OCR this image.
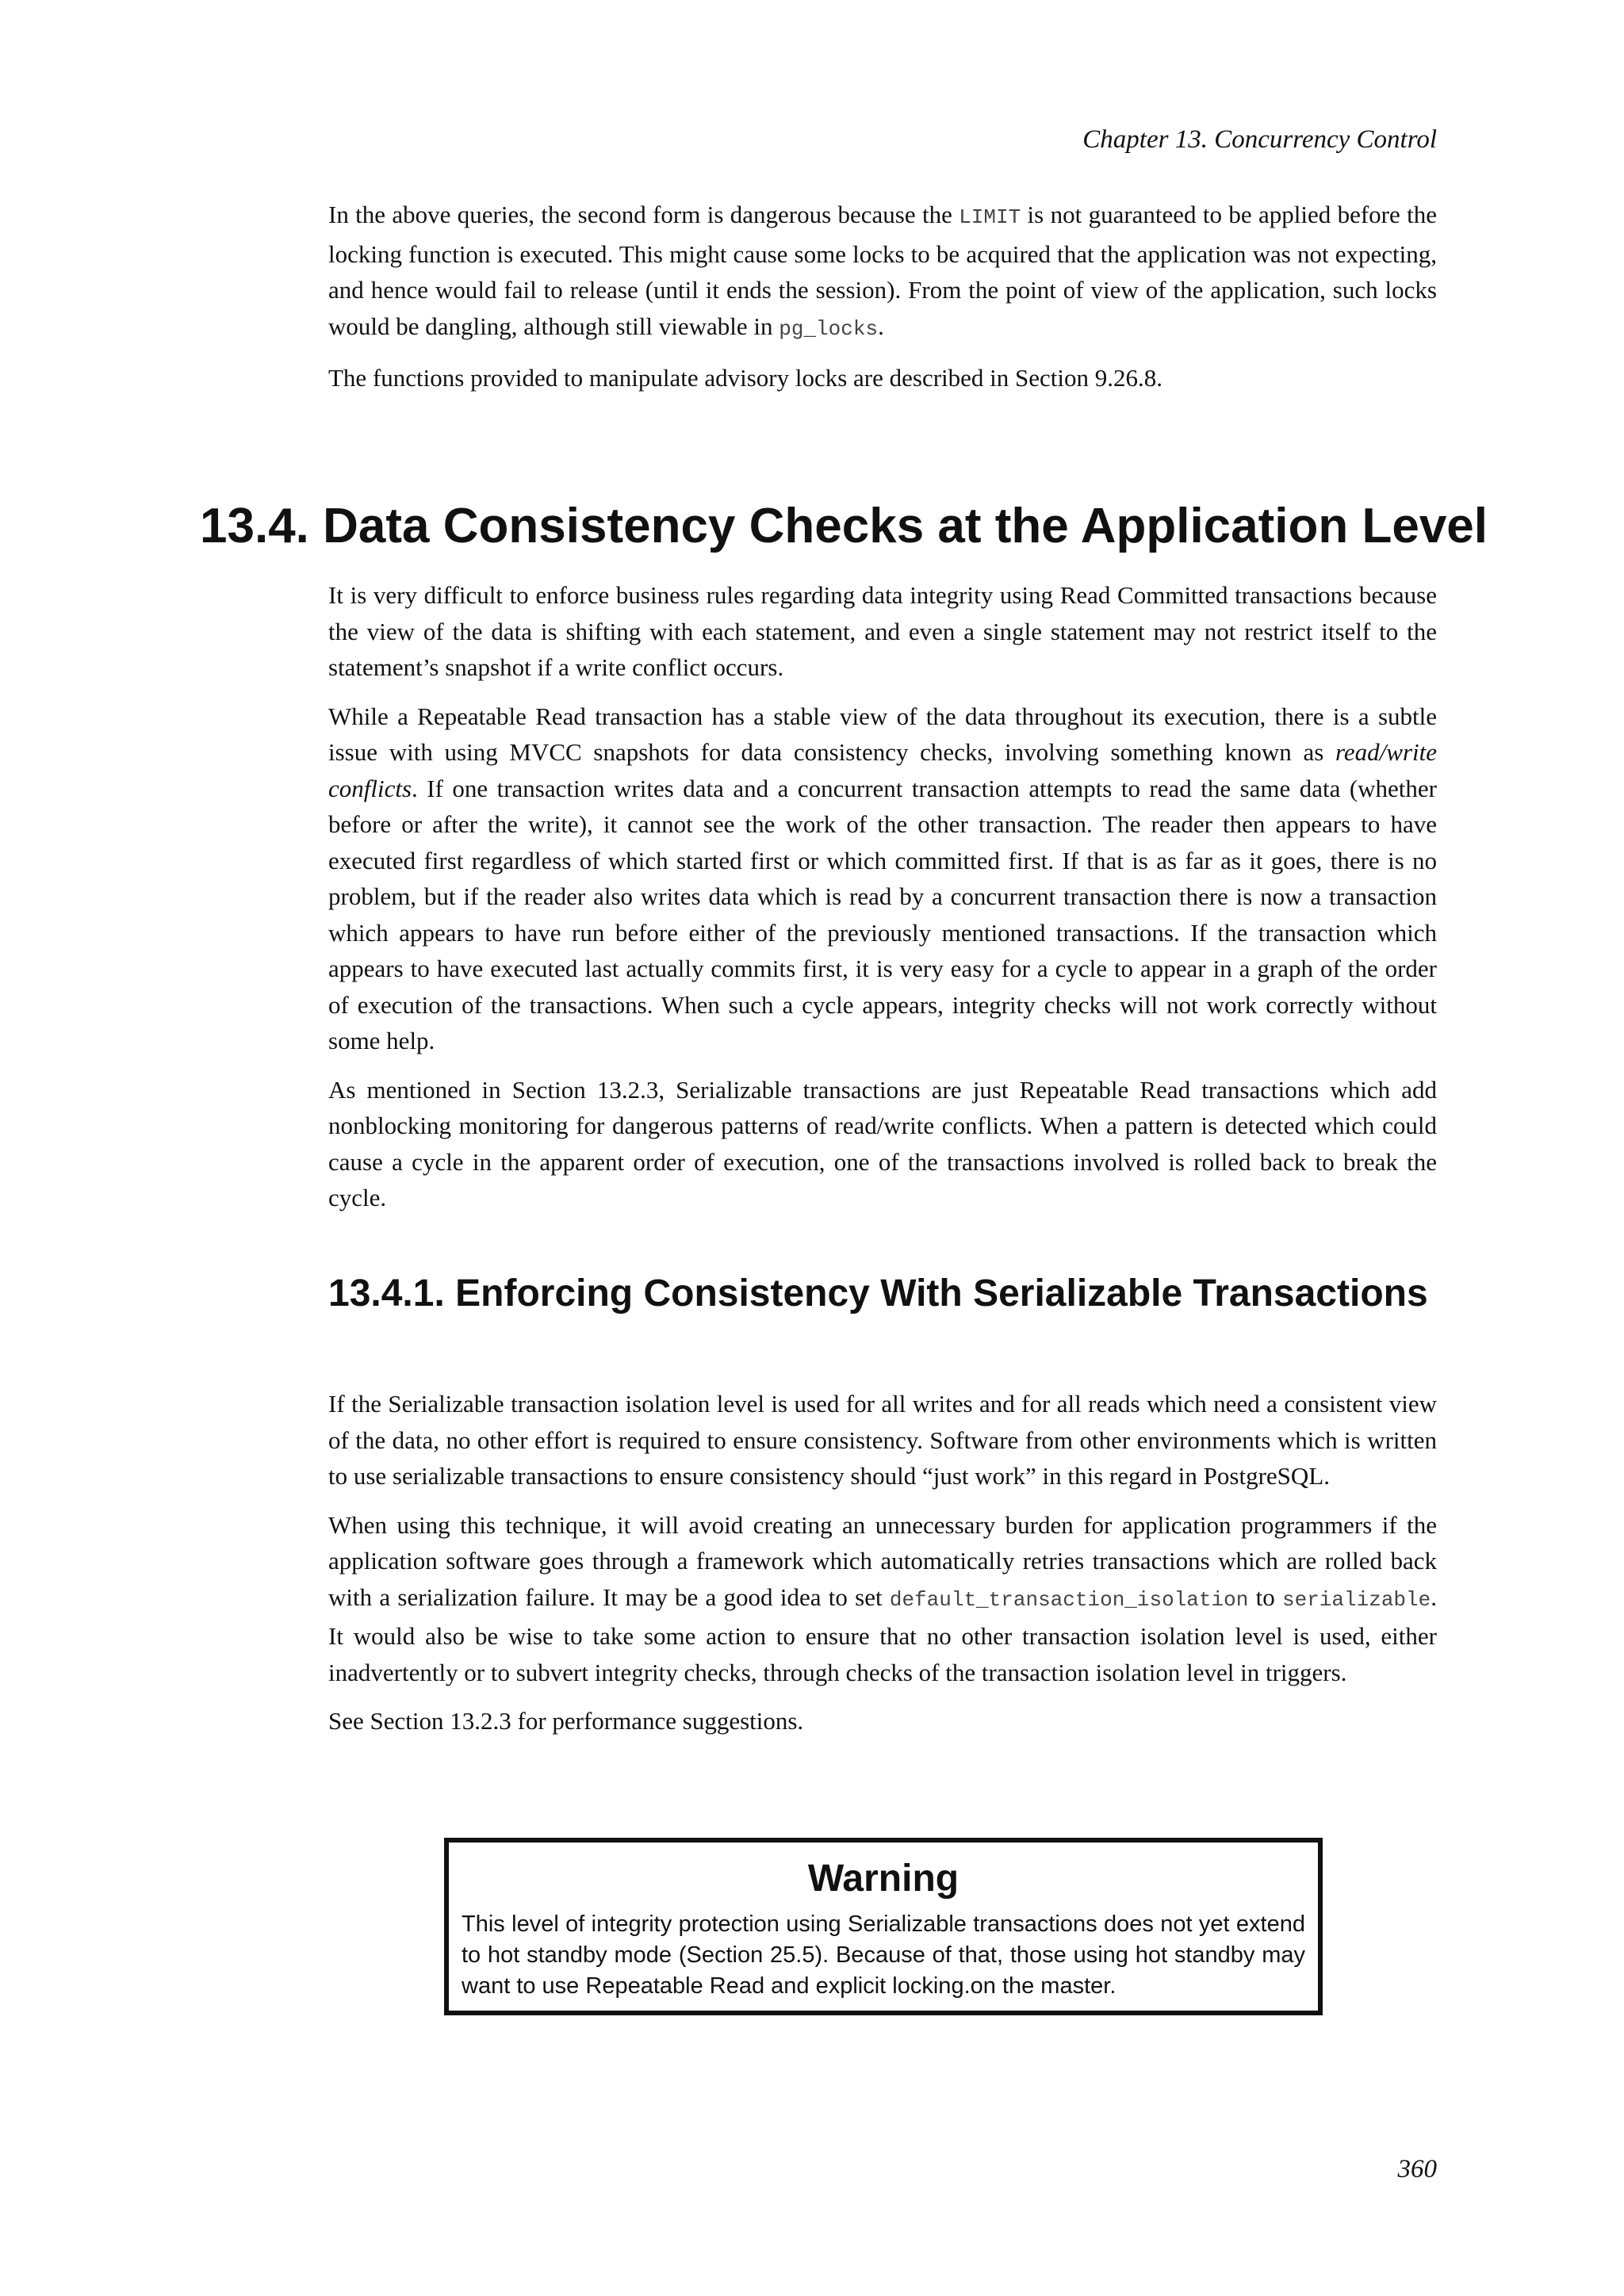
Chapter 13. Concurrency Control

In the above queries, the second form is dangerous because the LIMIT is not guaranteed to be applied before the locking function is executed. This might cause some locks to be acquired that the application was not expecting, and hence would fail to release (until it ends the session). From the point of view of the application, such locks would be dangling, although still viewable in pg_locks.

The functions provided to manipulate advisory locks are described in Section 9.26.8.

13.4. Data Consistency Checks at the Application Level

It is very difficult to enforce business rules regarding data integrity using Read Committed transactions because the view of the data is shifting with each statement, and even a single statement may not restrict itself to the statement’s snapshot if a write conflict occurs.

While a Repeatable Read transaction has a stable view of the data throughout its execution, there is a subtle issue with using MVCC snapshots for data consistency checks, involving something known as read/write conflicts. If one transaction writes data and a concurrent transaction attempts to read the same data (whether before or after the write), it cannot see the work of the other transaction. The reader then appears to have executed first regardless of which started first or which committed first. If that is as far as it goes, there is no problem, but if the reader also writes data which is read by a concurrent transaction there is now a transaction which appears to have run before either of the previously mentioned transactions. If the transaction which appears to have executed last actually commits first, it is very easy for a cycle to appear in a graph of the order of execution of the transactions. When such a cycle appears, integrity checks will not work correctly without some help.

As mentioned in Section 13.2.3, Serializable transactions are just Repeatable Read transactions which add nonblocking monitoring for dangerous patterns of read/write conflicts. When a pattern is detected which could cause a cycle in the apparent order of execution, one of the transactions involved is rolled back to break the cycle.

13.4.1. Enforcing Consistency With Serializable Transactions

If the Serializable transaction isolation level is used for all writes and for all reads which need a consistent view of the data, no other effort is required to ensure consistency. Software from other environments which is written to use serializable transactions to ensure consistency should “just work” in this regard in PostgreSQL.

When using this technique, it will avoid creating an unnecessary burden for application programmers if the application software goes through a framework which automatically retries transactions which are rolled back with a serialization failure. It may be a good idea to set default_transaction_isolation to serializable. It would also be wise to take some action to ensure that no other transaction isolation level is used, either inadvertently or to subvert integrity checks, through checks of the transaction isolation level in triggers.

See Section 13.2.3 for performance suggestions.

Warning

This level of integrity protection using Serializable transactions does not yet extend to hot standby mode (Section 25.5). Because of that, those using hot standby may want to use Repeatable Read and explicit locking.on the master.

360
